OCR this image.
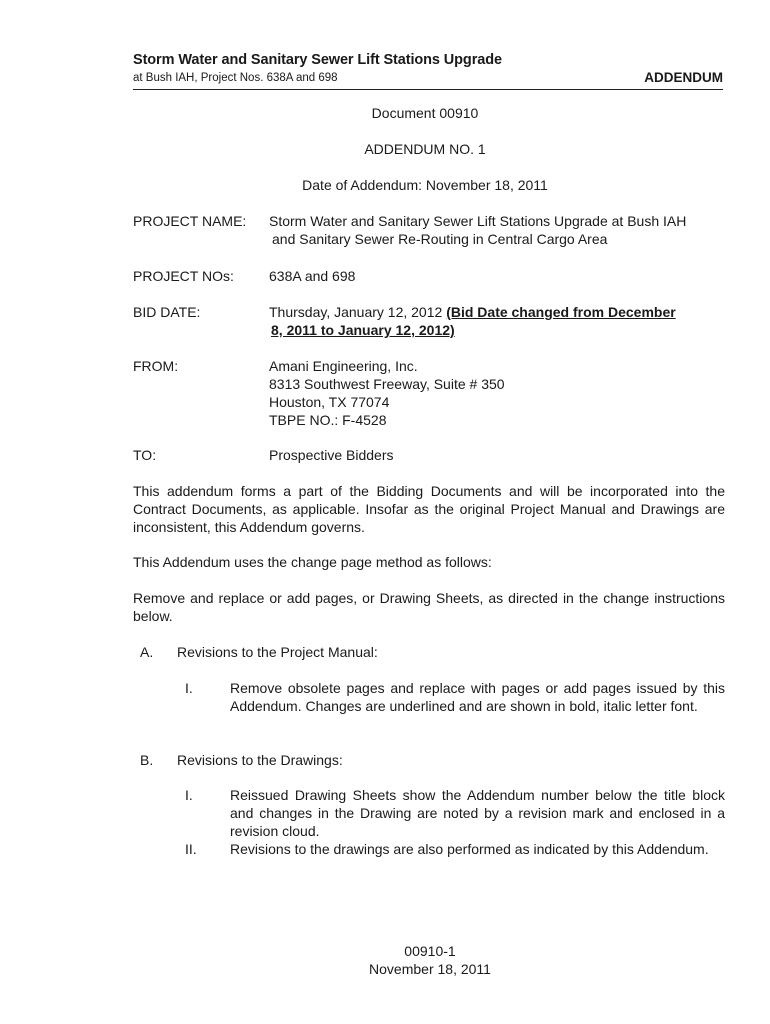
Storm Water and Sanitary Sewer Lift Stations Upgrade
at Bush IAH, Project Nos. 638A and 698	ADDENDUM
Document 00910
ADDENDUM NO. 1
Date of Addendum: November 18, 2011
PROJECT NAME: Storm Water and Sanitary Sewer Lift Stations Upgrade at Bush IAH
and Sanitary Sewer Re-Routing in Central Cargo Area
PROJECT NOs:	638A and 698
BID DATE:	Thursday, January 12, 2012 (Bid Date changed from December
8, 2011 to January 12, 2012)
FROM:	Amani Engineering, Inc.
8313 Southwest Freeway, Suite # 350
Houston, TX 77074
TBPE NO.: F-4528
TO:	Prospective Bidders
This addendum forms a part of the Bidding Documents and will be incorporated into the Contract Documents, as applicable. Insofar as the original Project Manual and Drawings are inconsistent, this Addendum governs.
This Addendum uses the change page method as follows:
Remove and replace or add pages, or Drawing Sheets, as directed in the change instructions below.
A. Revisions to the Project Manual:
I.	Remove obsolete pages and replace with pages or add pages issued by this Addendum. Changes are underlined and are shown in bold, italic letter font.
B. Revisions to the Drawings:
I.	Reissued Drawing Sheets show the Addendum number below the title block and changes in the Drawing are noted by a revision mark and enclosed in a revision cloud.
II. Revisions to the drawings are also performed as indicated by this Addendum.
00910-1
November 18, 2011
